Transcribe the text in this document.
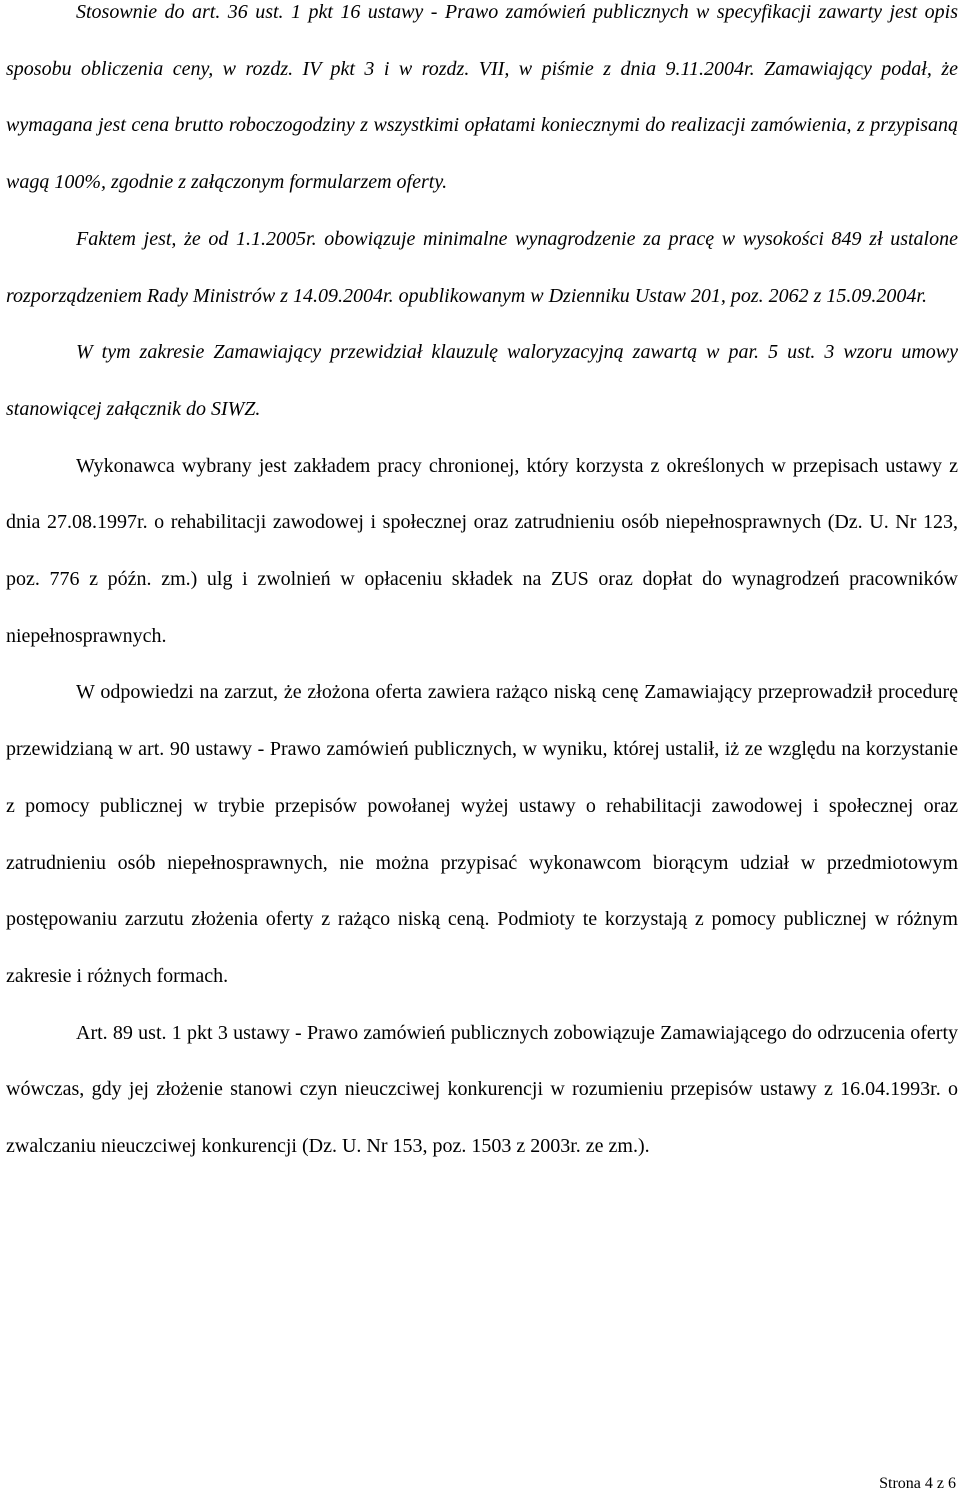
Stosownie do art. 36 ust. 1 pkt 16 ustawy - Prawo zamówień publicznych w specyfikacji zawarty jest opis sposobu obliczenia ceny, w rozdz. IV pkt 3 i w rozdz. VII, w piśmie z dnia 9.11.2004r. Zamawiający podał, że wymagana jest cena brutto roboczogodziny z wszystkimi opłatami koniecznymi do realizacji zamówienia, z przypisaną wagą 100%, zgodnie z załączonym formularzem oferty.

Faktem jest, że od 1.1.2005r. obowiązuje minimalne wynagrodzenie za pracę w wysokości 849 zł ustalone rozporządzeniem Rady Ministrów z 14.09.2004r. opublikowanym w Dzienniku Ustaw 201, poz. 2062 z 15.09.2004r.

W tym zakresie Zamawiający przewidział klauzulę waloryzacyjną zawartą w par. 5 ust. 3 wzoru umowy stanowiącej załącznik do SIWZ.

Wykonawca wybrany jest zakładem pracy chronionej, który korzysta z określonych w przepisach ustawy z dnia 27.08.1997r. o rehabilitacji zawodowej i społecznej oraz zatrudnieniu osób niepełnosprawnych (Dz. U. Nr 123, poz. 776 z późn. zm.) ulg i zwolnień w opłaceniu składek na ZUS oraz dopłat do wynagrodzeń pracowników niepełnosprawnych.

W odpowiedzi na zarzut, że złożona oferta zawiera rażąco niską cenę Zamawiający przeprowadził procedurę przewidzianą w art. 90 ustawy - Prawo zamówień publicznych, w wyniku, której ustalił, iż ze względu na korzystanie z pomocy publicznej w trybie przepisów powołanej wyżej ustawy o rehabilitacji zawodowej i społecznej oraz zatrudnieniu osób niepełnosprawnych, nie można przypisać wykonawcom biorącym udział w przedmiotowym postępowaniu zarzutu złożenia oferty z rażąco niską ceną. Podmioty te korzystają z pomocy publicznej w różnym zakresie i różnych formach.

Art. 89 ust. 1 pkt 3 ustawy - Prawo zamówień publicznych zobowiązuje Zamawiającego do odrzucenia oferty wówczas, gdy jej złożenie stanowi czyn nieuczciwej konkurencji w rozumieniu przepisów ustawy z 16.04.1993r. o zwalczaniu nieuczciwej konkurencji (Dz. U. Nr 153, poz. 1503 z 2003r. ze zm.).

Strona 4 z 6
